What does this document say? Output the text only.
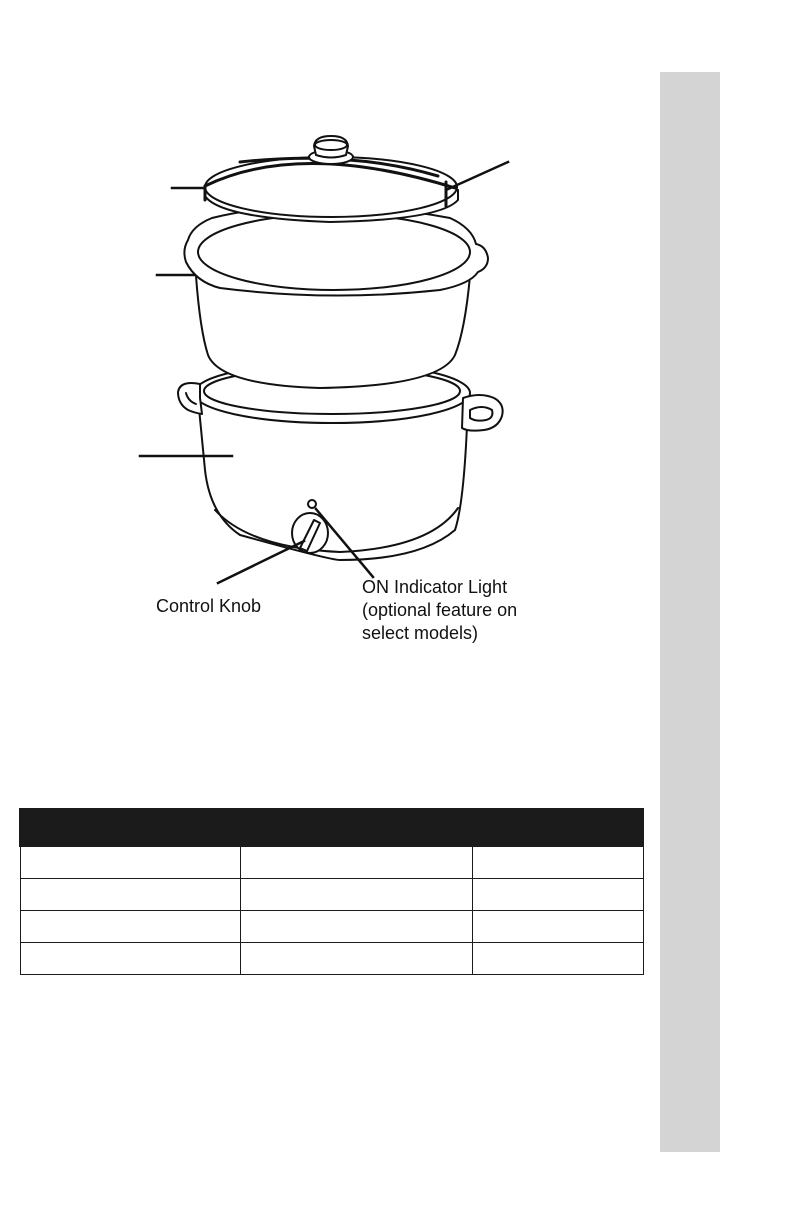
Control Knob

ON Indicator Light
(optional feature on
select models)
